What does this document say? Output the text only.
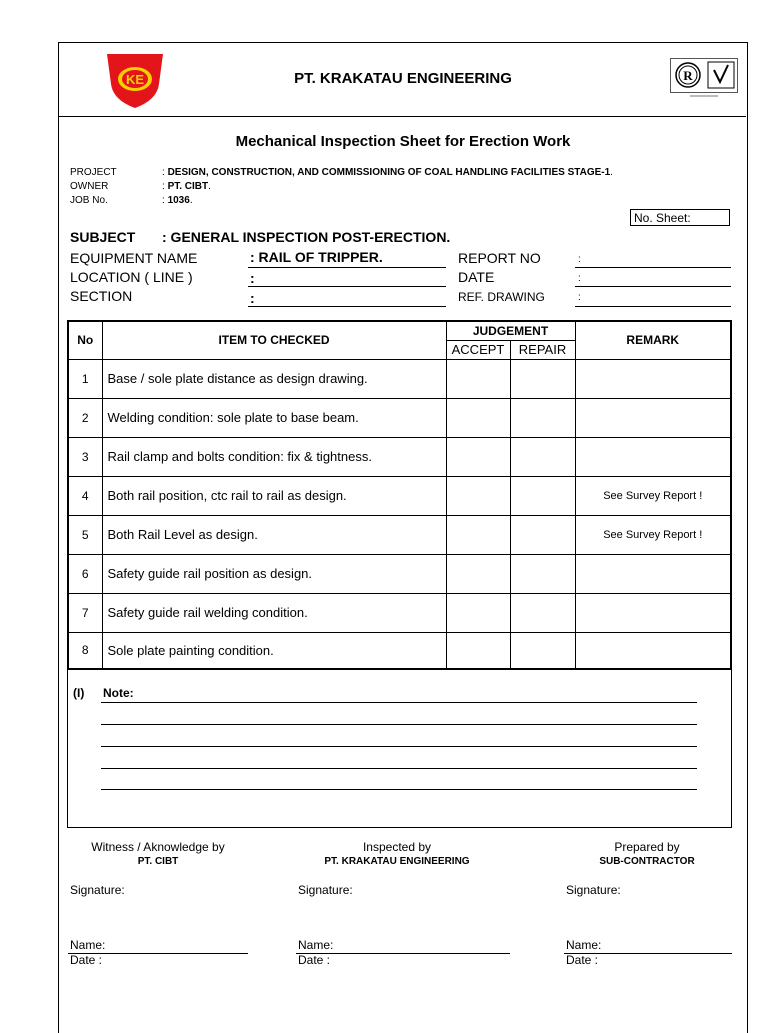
KE	PT. KRAKATAU ENGINEERING	R
Mechanical Inspection Sheet for Erection Work
PROJECT	: DESIGN, CONSTRUCTION, AND COMMISSIONING OF COAL HANDLING FACILITIES STAGE-1.
OWNER	: PT. CIBT.
JOB No.	: 1036.
No. Sheet:
SUBJECT : GENERAL INSPECTION POST-ERECTION.
EQUIPMENT NAME	: RAIL OF TRIPPER.
LOCATION ( LINE )	:
SECTION	:
REPORT NO	:
DATE	:
REF. DRAWING	:
No	ITEM TO CHECKED	JUDGEMENT		REMARK
		ACCEPT	REPAIR	
1	Base / sole plate distance as design drawing.			
2	Welding condition: sole plate to base beam.			
3	Rail clamp and bolts condition: fix & tightness.			
4	Both rail position, ctc rail to rail as design.			See Survey Report !
5	Both Rail Level as design.			See Survey Report !
6	Safety guide rail position as design.			
7	Safety guide rail welding condition.			
8	Sole plate painting condition.			
(I) Note:
Witness / Aknowledge by
PT. CIBT
Inspected by
PT. KRAKATAU ENGINEERING
Prepared by
SUB-CONTRACTOR
Signature:	Signature:	Signature:
Name:
Date :
Name:
Date :
Name:
Date :
